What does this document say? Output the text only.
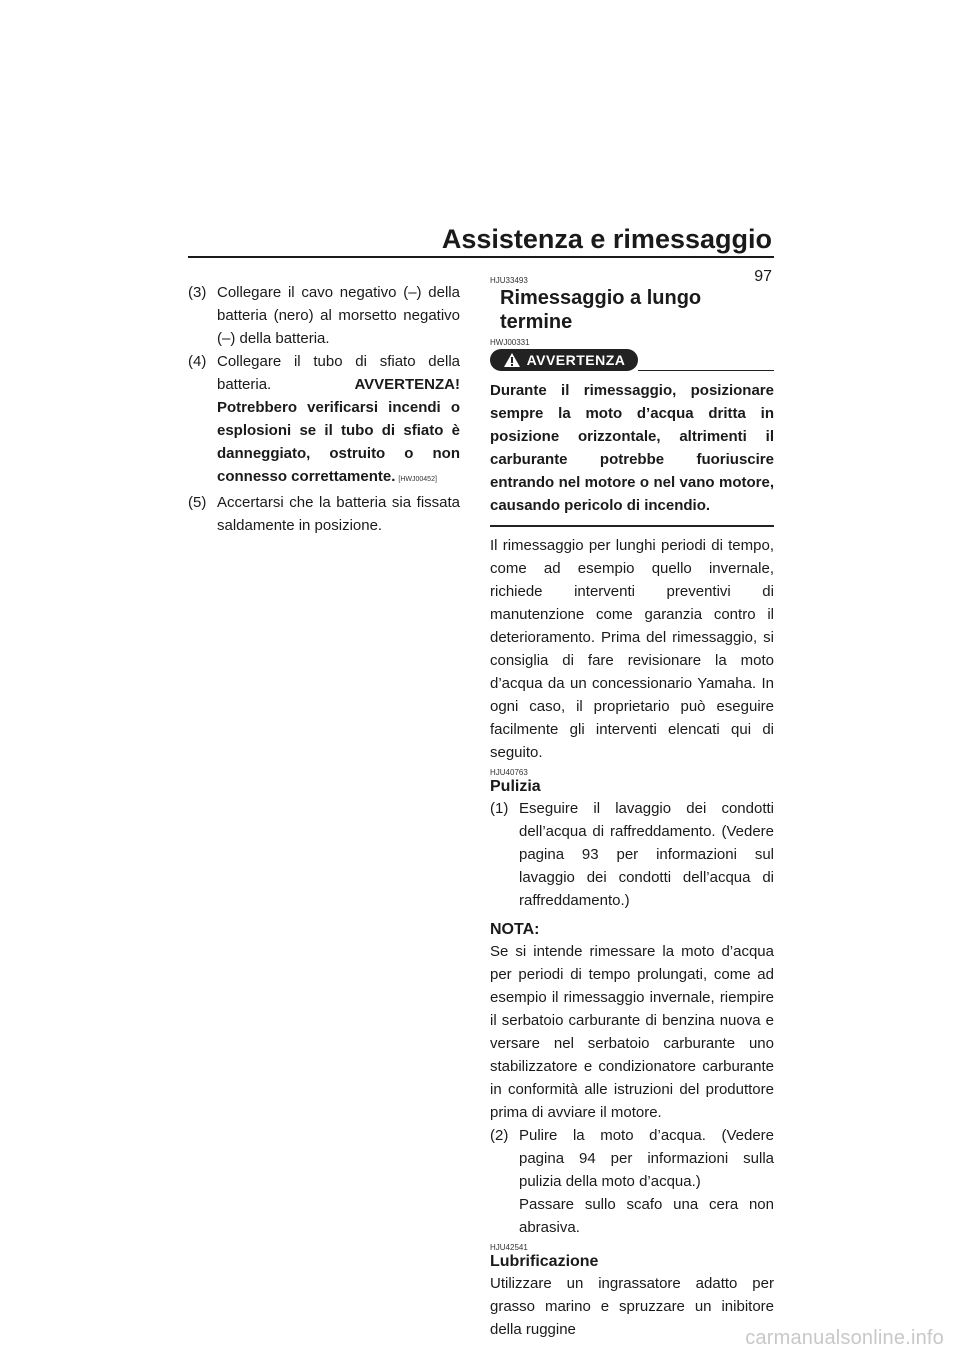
Assistenza e rimessaggio
97

(3) Collegare il cavo negativo (–) della batteria (nero) al morsetto negativo (–) della batteria.

(4) Collegare il tubo di sfiato della batteria.	AVVERTENZA! Potrebbero verificarsi incendi o esplosioni se il tubo di sfiato è danneggiato, ostruito o non connesso correttamente. [HWJ00452]

(5) Accertarsi che la batteria sia fissata saldamente in posizione.

HJU33493

Rimessaggio a lungo termine

HWJ00331

AVVERTENZA

Durante il rimessaggio, posizionare sempre la moto d’acqua dritta in posizione orizzontale, altrimenti il carburante potrebbe fuoriuscire entrando nel motore o nel vano motore, causando pericolo di incendio.

Il rimessaggio per lunghi periodi di tempo, come ad esempio quello invernale, richiede interventi preventivi di manutenzione come garanzia contro il deterioramento. Prima del rimessaggio, si consiglia di fare revisionare la moto d’acqua da un concessionario Yamaha. In ogni caso, il proprietario può eseguire facilmente gli interventi elencati qui di seguito.

HJU40763

Pulizia

(1) Eseguire il lavaggio dei condotti dell’acqua di raffreddamento. (Vedere pagina 93 per informazioni sul lavaggio dei condotti dell’acqua di raffreddamento.)

NOTA:

Se si intende rimessare la moto d’acqua per periodi di tempo prolungati, come ad esempio il rimessaggio invernale, riempire il serbatoio carburante di benzina nuova e versare nel serbatoio carburante uno stabilizzatore e condizionatore carburante in conformità alle istruzioni del produttore prima di avviare il motore.

(2) Pulire la moto d’acqua. (Vedere pagina 94 per informazioni sulla pulizia della moto d’acqua.)
Passare sullo scafo una cera non abrasiva.

HJU42541

Lubrificazione

Utilizzare un ingrassatore adatto per grasso marino e spruzzare un inibitore della ruggine	carmanualsonline.info
